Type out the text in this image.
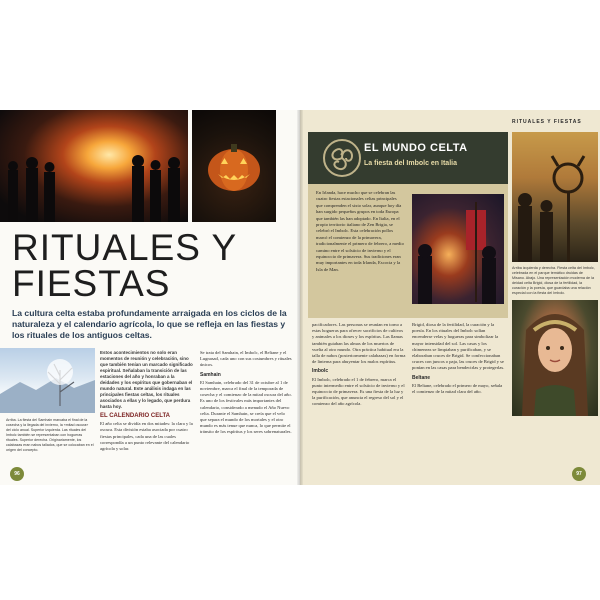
RITUALES Y
FIESTAS
La cultura celta estaba profundamente arraigada en los ciclos de la naturaleza y el calendario agrícola, lo que se refleja en las fiestas y los rituales de los antiguos celtas.
Arriba. La fiesta del Samhain marcaba el final de la cosecha y la llegada del invierno, la «mitad oscura» del ciclo anual. Superior izquierda. Las rituales del Imbolc también se representaban con hogueras rituales. Superior derecha. Originariamente, los calabazas eran nabos tallados, que se colocaban en el origen del concepto.

Estos acontecimientos no solo eran momentos de reunión y celebración, sino que también tenían un marcado significado espiritual. Señalaban la transición de las estaciones del año y honraban a la deidades y los espíritus que gobernaban el mundo natural. Este análisis indaga en las principales fiestas celtas, los rituales asociados a ellas y lo legado, que perdura hasta hoy.

EL CALENDARIO CELTA

El año celta se dividía en dos mitades: la clara y la oscura. Esta división estaba asociada por cuatro fiestas principales, cada una de las cuales correspondía a un punto relevante del calendario agrícola y solar.

Se trata del Samhain, el Imbolc, el Beltane y el Lugnasad, cada uno con sus costumbres y rituales únicos.

Samhain

El Samhain, celebrado del 31 de octubre al 1 de noviembre, marca el final de la temporada de cosecha y el comienzo de la mitad oscura del año. Es uno de los festivales más importantes del calendario, considerado a menudo el Año Nuevo celta. Durante el Samhain, se creía que el velo que separa el mundo de los mortales y el otro mundo es más tenue que nunca, lo que permite el tránsito de los espíritus y los seres sobrenaturales.

96
RITUALES Y FIESTAS
EL MUNDO CELTA
La fiesta del Imbolc en Italia
En Irlanda, hace mucho que se celebran las cuatro fiestas estacionales celtas principales que comprenden el sixto solar, aunque hoy día han surgido pequeños grupos en toda Europa que también las han adoptado. En Italia, en el propio territorio italiano de Zen Brigia, se celebró el Imbolc. Esta celebración pollos marcó el comienzo de la primavera, tradicionalmente el primero de febrero, a medio camino entre el solsticio de invierno y el equinoccio de primavera. Sus tradiciones eran muy importantes en toda Irlanda, Escocia y la Isla de Man.	Arriba izquierda y derecha. Fiesta celta del Imbolc, celebrada en el parque temático druidas de Misano. Abajo. Una representación moderna de la deidad celta Brigid, diosa de la fertilidad, la curación y la poesía, que guardaba una relación especial con la fiesta del Imbolc.

pacificadores. Las personas se reunían en torno a estas hogueras para ofrecer sacrificios de cultivos y animales a los dioses y los espíritus. Las llamas también guiaban las almas de los muertos de vuelta al otro mundo. Otra práctica habitual era la talla de nabos (posteriormente calabazas) en forma de linterna para ahuyentar los malos espíritus.

Imbolc

El Imbolc, celebrado el 1 de febrero, marca el punto intermedio entre el solsticio de invierno y el equinoccio de primavera. Es una fiesta de la luz y la purificación, que anuncia el regreso del sol y el comienzo del año agrícola.

Brigid, diosa de la fertilidad, la curación y la poesía. En los rituales del Imbolc solían encenderse velas y hogueras para simbolizar la mayor intensidad del sol. Las casas y los chimeneas se limpiaban y purificaban, y se elaboraban cruces de Brigid. Se confeccionaban cruces con juncos o paja, las cruces de Brigid y se ponían en las casas para bendecirlas y protegerlas.

Beltane

El Beltane, celebrado el primero de mayo, señala el comienzo de la mitad clara del año.

97
